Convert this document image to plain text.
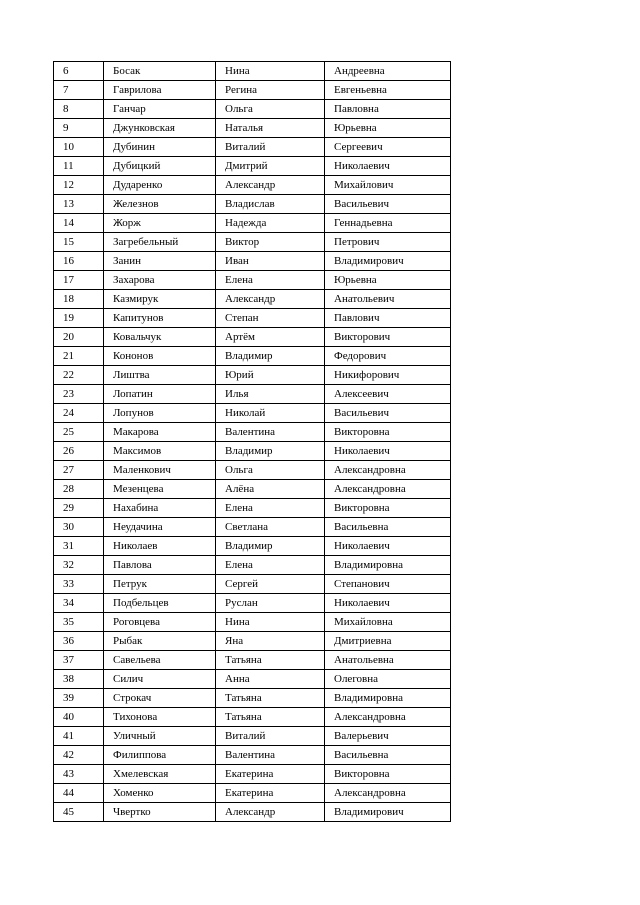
6	Босак	Нина	Андреевна
7	Гаврилова	Регина	Евгеньевна
8	Ганчар	Ольга	Павловна
9	Джунковская	Наталья	Юрьевна
10	Дубинин	Виталий	Сергеевич
11	Дубицкий	Дмитрий	Николаевич
12	Дударенко	Александр	Михайлович
13	Железнов	Владислав	Васильевич
14	Жорж	Надежда	Геннадьевна
15	Загребельный	Виктор	Петрович
16	Занин	Иван	Владимирович
17	Захарова	Елена	Юрьевна
18	Казмирук	Александр	Анатольевич
19	Капитунов	Степан	Павлович
20	Ковальчук	Артём	Викторович
21	Кононов	Владимир	Федорович
22	Лиштва	Юрий	Никифорович
23	Лопатин	Илья	Алексеевич
24	Лопунов	Николай	Васильевич
25	Макарова	Валентина	Викторовна
26	Максимов	Владимир	Николаевич
27	Маленкович	Ольга	Александровна
28	Мезенцева	Алёна	Александровна
29	Нахабина	Елена	Викторовна
30	Неудачина	Светлана	Васильевна
31	Николаев	Владимир	Николаевич
32	Павлова	Елена	Владимировна
33	Петрук	Сергей	Степанович
34	Подбельцев	Руслан	Николаевич
35	Роговцева	Нина	Михайловна
36	Рыбак	Яна	Дмитриевна
37	Савельева	Татьяна	Анатольевна
38	Силич	Анна	Олеговна
39	Строкач	Татьяна	Владимировна
40	Тихонова	Татьяна	Александровна
41	Уличный	Виталий	Валерьевич
42	Филиппова	Валентина	Васильевна
43	Хмелевская	Екатерина	Викторовна
44	Хоменко	Екатерина	Александровна
45	Чвертко	Александр	Владимирович
